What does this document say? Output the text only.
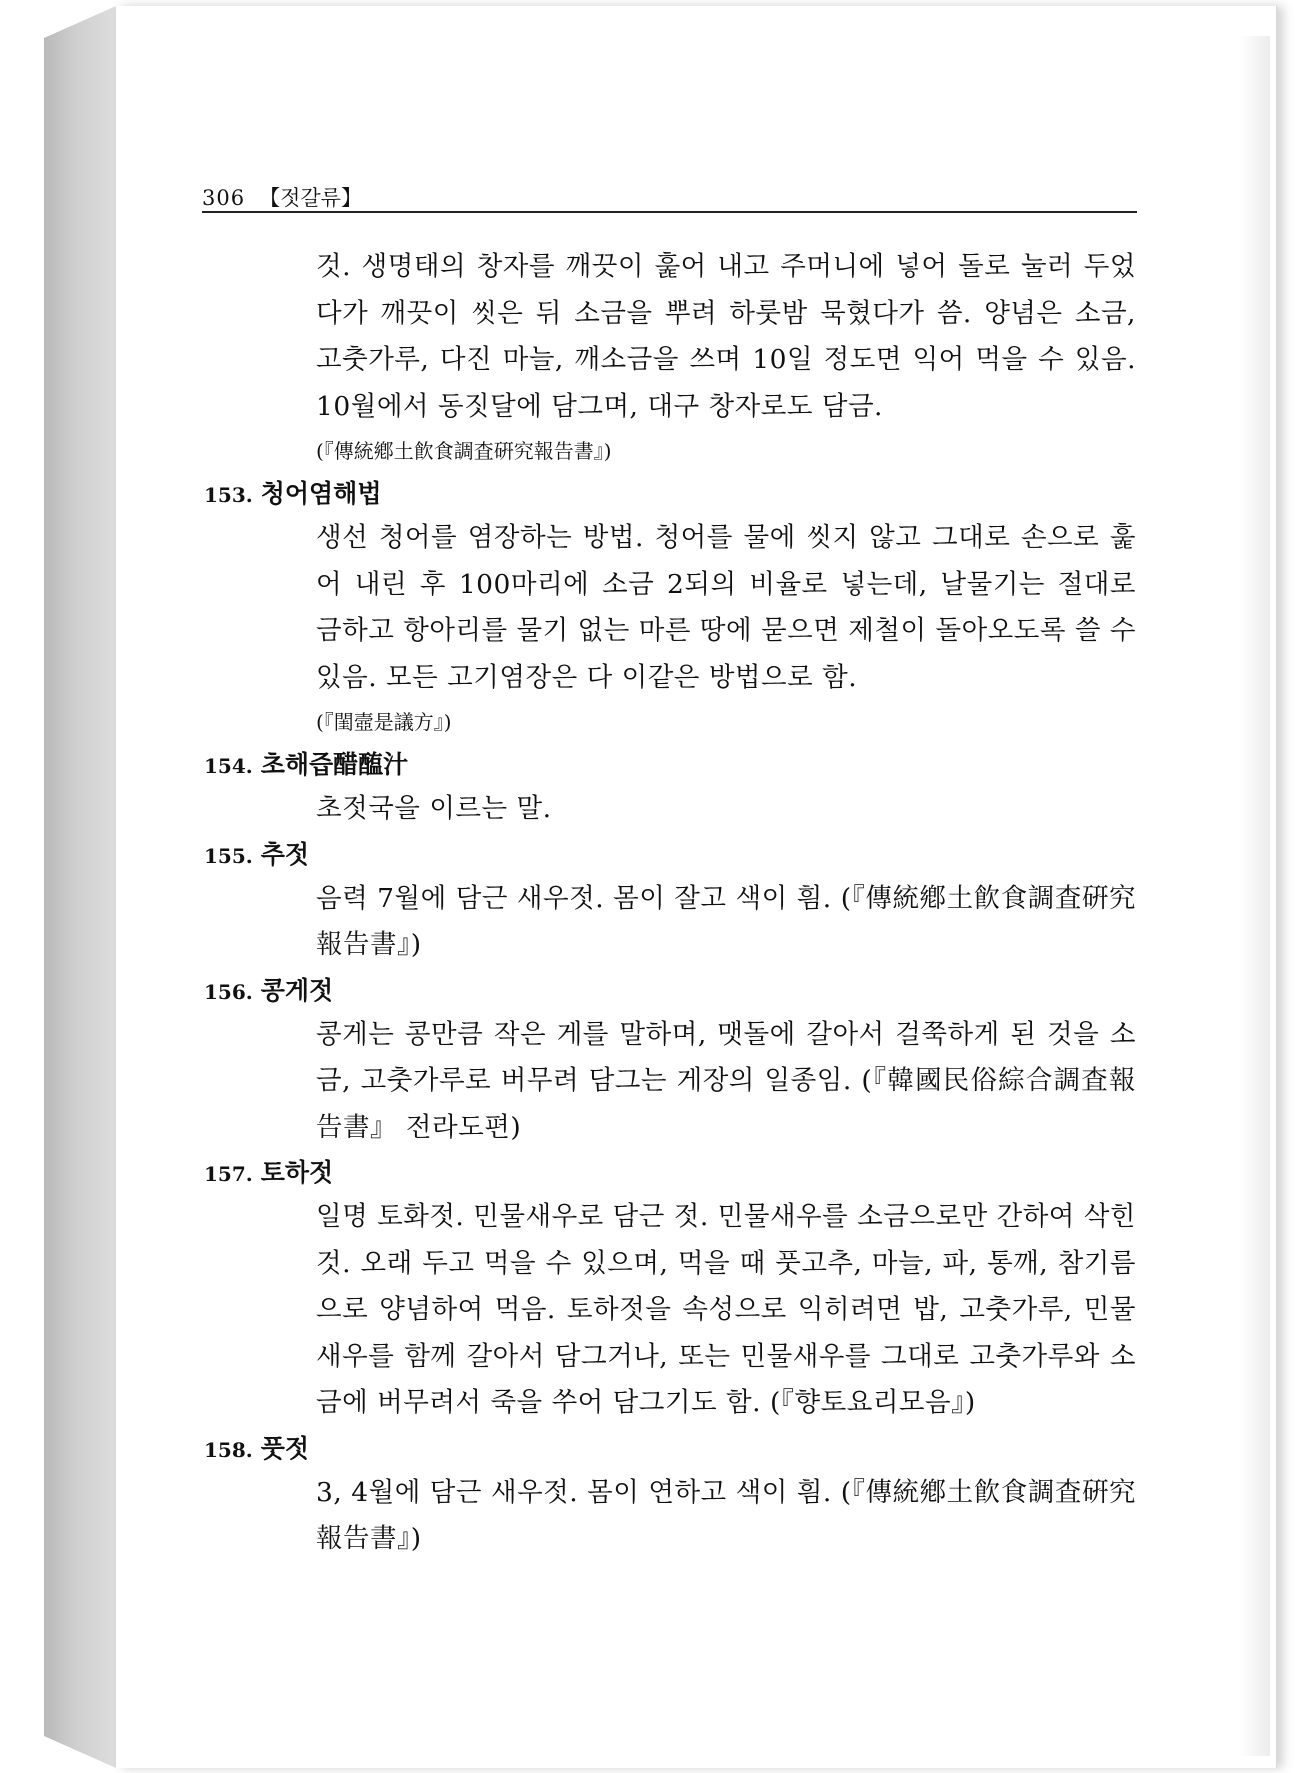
306 【젓갈류】

것. 생명태의 창자를 깨끗이 훑어 내고 주머니에 넣어 돌로 눌러 두었다가 깨끗이 씻은 뒤 소금을 뿌려 하룻밤 묵혔다가 씀. 양념은 소금, 고춧가루, 다진 마늘, 깨소금을 쓰며 10일 정도면 익어 먹을 수 있음. 10월에서 동짓달에 담그며, 대구 창자로도 담금.

(『傳統鄕土飮食調査硏究報告書』)

153. 청어염해법

생선 청어를 염장하는 방법. 청어를 물에 씻지 않고 그대로 손으로 훑어 내린 후 100마리에 소금 2되의 비율로 넣는데, 날물기는 절대로 금하고 항아리를 물기 없는 마른 땅에 묻으면 제철이 돌아오도록 쓸 수 있음. 모든 고기염장은 다 이같은 방법으로 함.

(『閨壼是議方』)

154. 초해즙醋醢汁

초젓국을 이르는 말.

155. 추젓

음력 7월에 담근 새우젓. 몸이 잘고 색이 흼. (『傳統鄕土飮食調査硏究報告書』)

156. 콩게젓

콩게는 콩만큼 작은 게를 말하며, 맷돌에 갈아서 걸쭉하게 된 것을 소금, 고춧가루로 버무려 담그는 게장의 일종임. (『韓國民俗綜合調査報告書』 전라도편)

157. 토하젓

일명 토화젓. 민물새우로 담근 젓. 민물새우를 소금으로만 간하여 삭힌 것. 오래 두고 먹을 수 있으며, 먹을 때 풋고추, 마늘, 파, 통깨, 참기름으로 양념하여 먹음. 토하젓을 속성으로 익히려면 밥, 고춧가루, 민물새우를 함께 갈아서 담그거나, 또는 민물새우를 그대로 고춧가루와 소금에 버무려서 죽을 쑤어 담그기도 함. (『향토요리모음』)

158. 풋젓

3, 4월에 담근 새우젓. 몸이 연하고 색이 흼. (『傳統鄕土飮食調査硏究報告書』)
